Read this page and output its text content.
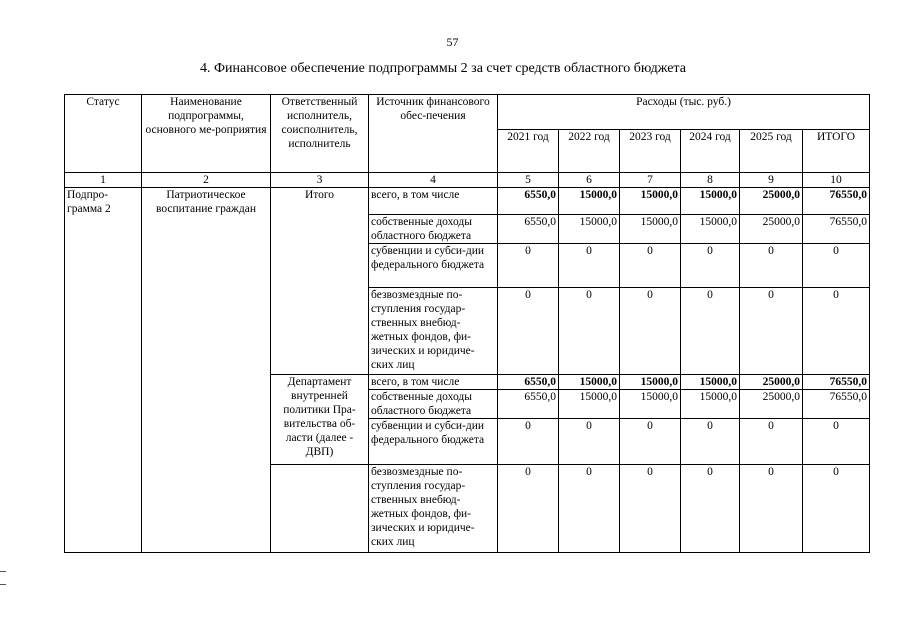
57
4. Финансовое обеспечение подпрограммы 2 за счет средств областного бюджета
Статус	Наименование подпрограммы, основного ме-роприятия	Ответственный исполнитель, соисполнитель, исполнитель	Источник финансового обес-печения	Расходы (тыс. руб.)					
				2021 год	2022 год	2023 год	2024 год	2025 год	ИТОГО
1	2	3	4	5	6	7	8	9	10
Подпро-грамма 2	Патриотическое воспитание граждан	Итого	всего, в том числе	6550,0	15000,0	15000,0	15000,0	25000,0	76550,0
			собственные доходы областного бюджета	6550,0	15000,0	15000,0	15000,0	25000,0	76550,0
			субвенции и субси-дии федерального бюджета	0	0	0	0	0	0
			безвозмездные по-ступления государ-ственных внебюд-жетных фондов, фи-зических и юридиче-ских лиц	0	0	0	0	0	0
		Департамент внутренней политики Пра-вительства об-ласти (далее - ДВП)	всего, в том числе	6550,0	15000,0	15000,0	15000,0	25000,0	76550,0
			собственные доходы областного бюджета	6550,0	15000,0	15000,0	15000,0	25000,0	76550,0
			субвенции и субси-дии федерального бюджета	0	0	0	0	0	0
			безвозмездные по-ступления государ-ственных внебюд-жетных фондов, фи-зических и юридиче-ских лиц	0	0	0	0	0	0
